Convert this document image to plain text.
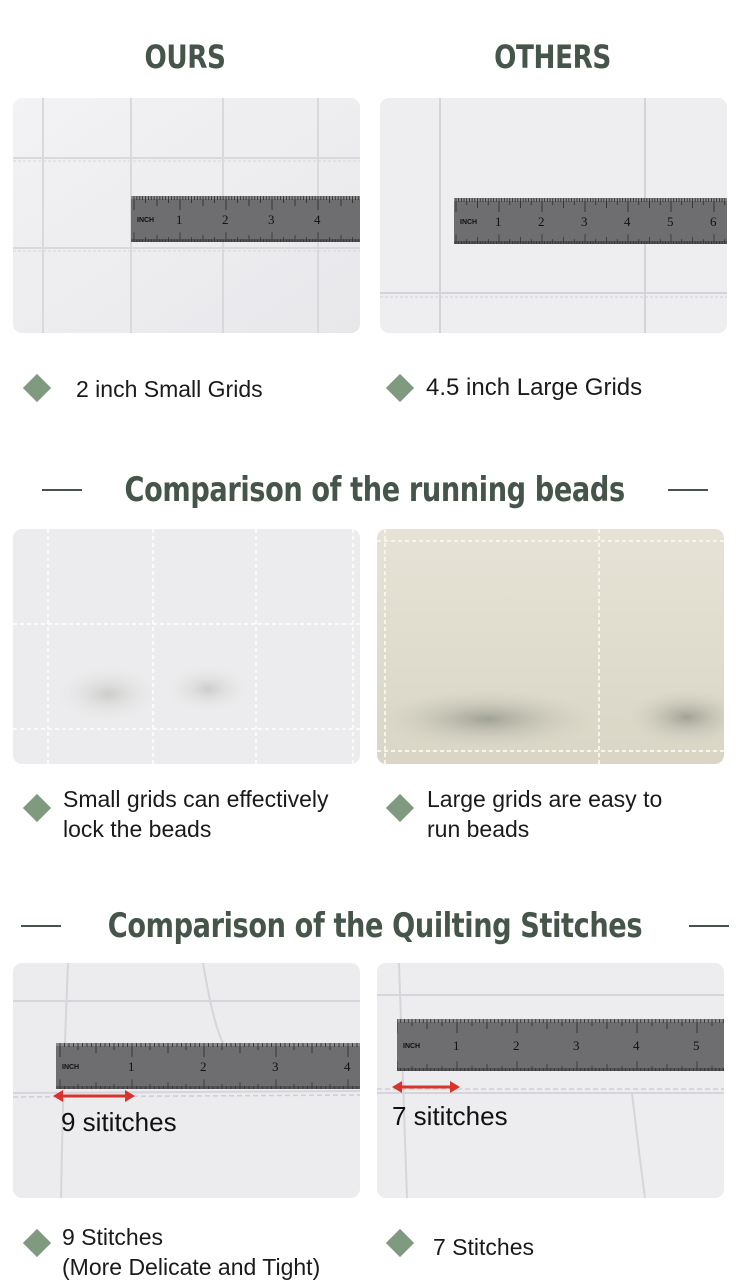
OURS	OTHERS
INCH 1	2	3	4	INCH 1	2	3	4	5	6
2 inch Small Grids	4.5 inch Large Grids
Comparison of the running beads
Small grids can effectively
lock the beads
Large grids are easy to
run beads
Comparison of the Quilting Stitches
INCH	1	2	3	4
9 sititches
INCH	1	2	3	4	5
7 sititches
9 Stitches
(More Delicate and Tight)
7 Stitches
